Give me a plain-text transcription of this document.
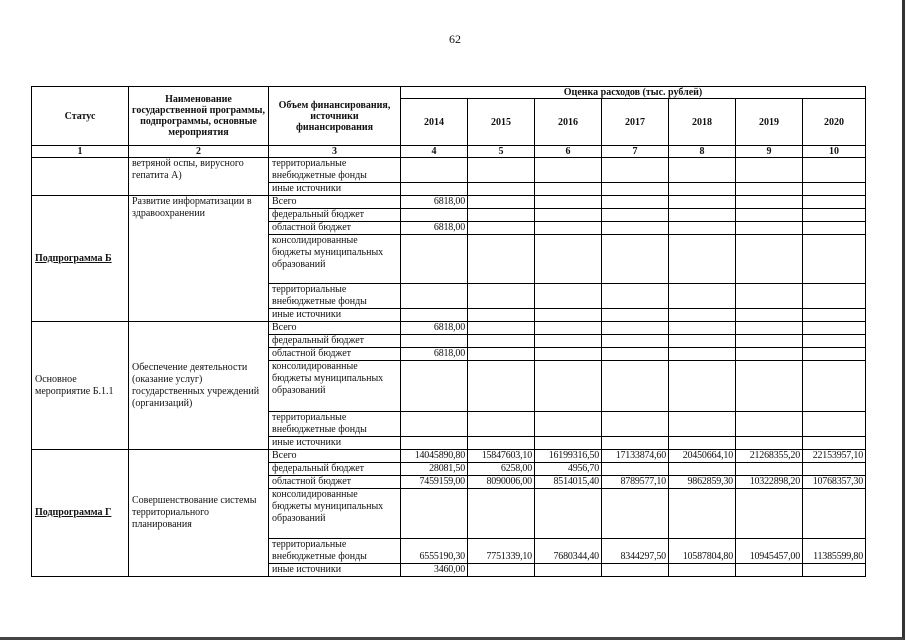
62
Статус	Наименование государственной программы, подпрограммы, основные мероприятия	Объем финансирования, источники финансирования	Оценка расходов (тыс. рублей)						
			2014	2015	2016	2017	2018	2019	2020
1	2	3	4	5	6	7	8	9	10
	ветряной оспы, вирусного гепатита А)	территориальные внебюджетные фонды							
		иные источники							
Подпрограмма Б	Развитие информатизации в здравоохранении	Всего	6818,00						
		федеральный бюджет							
		областной бюджет	6818,00						
		консолидированные бюджеты муниципальных образований							
		территориальные внебюджетные фонды							
		иные источники							
Основное мероприятие Б.1.1	Обеспечение деятельности (оказание услуг) государственных учреждений (организаций)	Всего	6818,00						
		федеральный бюджет							
		областной бюджет	6818,00						
		консолидированные бюджеты муниципальных образований							
		территориальные внебюджетные фонды							
		иные источники							
Подпрограмма Г	Совершенствование системы территориального планирования	Всего	14045890,80	15847603,10	16199316,50	17133874,60	20450664,10	21268355,20	22153957,10
		федеральный бюджет	28081,50	6258,00	4956,70				
		областной бюджет	7459159,00	8090006,00	8514015,40	8789577,10	9862859,30	10322898,20	10768357,30
		консолидированные бюджеты муниципальных образований							
		территориальные внебюджетные фонды	6555190,30	7751339,10	7680344,40	8344297,50	10587804,80	10945457,00	11385599,80
		иные источники	3460,00						
